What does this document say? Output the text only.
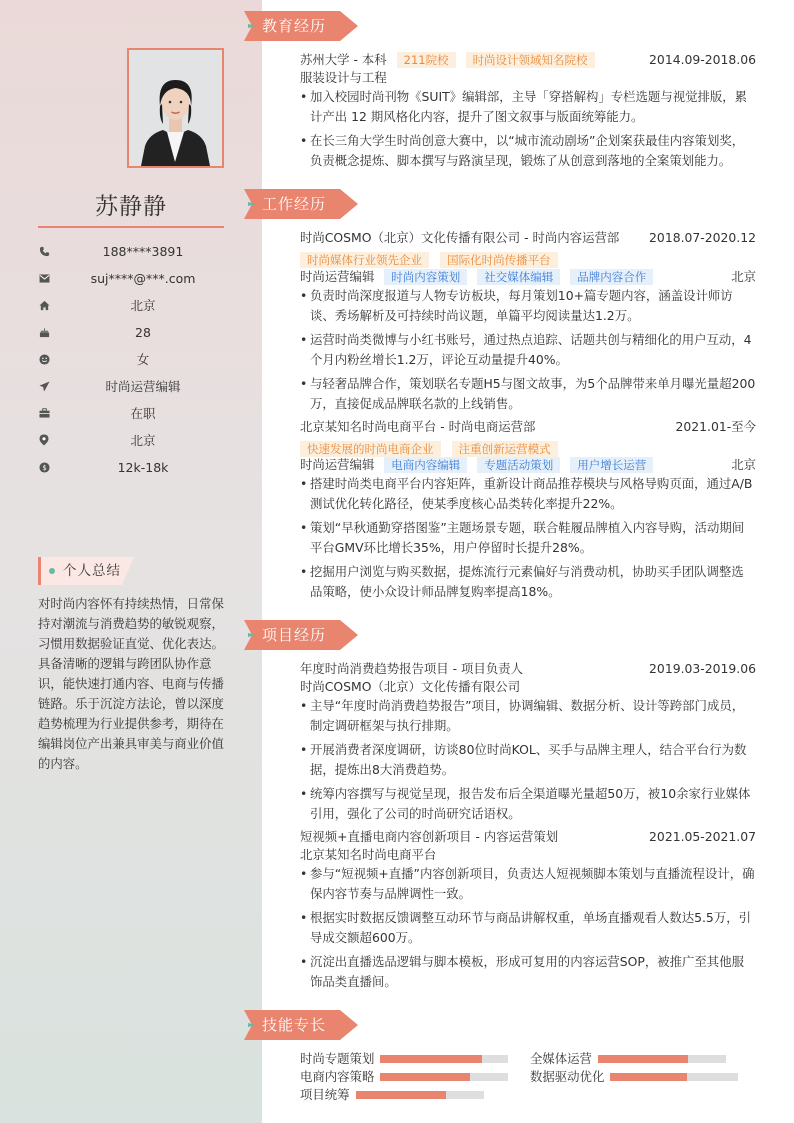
苏静静
188****3891
suj****@***.com
北京
28
女
时尚运营编辑
在职
北京
$	12k-18k
个人总结

对时尚内容怀有持续热情，日常保持对潮流与消费趋势的敏锐观察，习惯用数据验证直觉、优化表达。具备清晰的逻辑与跨团队协作意识，能快速打通内容、电商与传播链路。乐于沉淀方法论，曾以深度趋势梳理为行业提供参考，期待在编辑岗位产出兼具审美与商业价值的内容。

教育经历
苏州大学 - 本科 211院校 时尚设计领域知名院校	2014.09-2018.06
服装设计与工程
• 加入校园时尚刊物《SUIT》编辑部，主导「穿搭解构」专栏选题与视觉排版，累计产出 12 期风格化内容，提升了图文叙事与版面统筹能力。
• 在长三角大学生时尚创意大赛中，以“城市流动剧场”企划案获最佳内容策划奖，负责概念提炼、脚本撰写与路演呈现，锻炼了从创意到落地的全案策划能力。
工作经历
时尚COSMO（北京）文化传播有限公司 - 时尚内容运营部 2018.07-2020.12
时尚媒体行业领先企业 国际化时尚传播平台
时尚运营编辑 时尚内容策划 社交媒体编辑 品牌内容合作	北京
• 负责时尚深度报道与人物专访板块，每月策划10+篇专题内容，涵盖设计师访谈、秀场解析及可持续时尚议题，单篇平均阅读量达1.2万。
• 运营时尚类微博与小红书账号，通过热点追踪、话题共创与精细化的用户互动，4个月内粉丝增长1.2万，评论互动量提升40%。
• 与轻奢品牌合作，策划联名专题H5与图文故事，为5个品牌带来单月曝光量超200万，直接促成品牌联名款的上线销售。
北京某知名时尚电商平台 - 时尚电商运营部	2021.01-至今
快速发展的时尚电商企业 注重创新运营模式
时尚运营编辑 电商内容编辑 专题活动策划 用户增长运营	北京
• 搭建时尚类电商平台内容矩阵，重新设计商品推荐模块与风格导购页面，通过A/B测试优化转化路径，使某季度核心品类转化率提升22%。
• 策划“早秋通勤穿搭图鉴”主题场景专题，联合鞋履品牌植入内容导购，活动期间平台GMV环比增长35%，用户停留时长提升28%。
• 挖掘用户浏览与购买数据，提炼流行元素偏好与消费动机，协助买手团队调整选品策略，使小众设计师品牌复购率提高18%。
项目经历
年度时尚消费趋势报告项目 - 项目负责人	2019.03-2019.06
时尚COSMO（北京）文化传播有限公司
• 主导“年度时尚消费趋势报告”项目，协调编辑、数据分析、设计等跨部门成员，制定调研框架与执行排期。
• 开展消费者深度调研，访谈80位时尚KOL、买手与品牌主理人，结合平台行为数据，提炼出8大消费趋势。
• 统筹内容撰写与视觉呈现，报告发布后全渠道曝光量超50万，被10余家行业媒体引用，强化了公司的时尚研究话语权。
短视频+直播电商内容创新项目 - 内容运营策划	2021.05-2021.07
北京某知名时尚电商平台
• 参与“短视频+直播”内容创新项目，负责达人短视频脚本策划与直播流程设计，确保内容节奏与品牌调性一致。
• 根据实时数据反馈调整互动环节与商品讲解权重，单场直播观看人数达5.5万，引导成交额超600万。
• 沉淀出直播选品逻辑与脚本模板，形成可复用的内容运营SOP，被推广至其他服饰品类直播间。
技能专长
时尚专题策划	全媒体运营
电商内容策略	数据驱动优化
项目统筹
